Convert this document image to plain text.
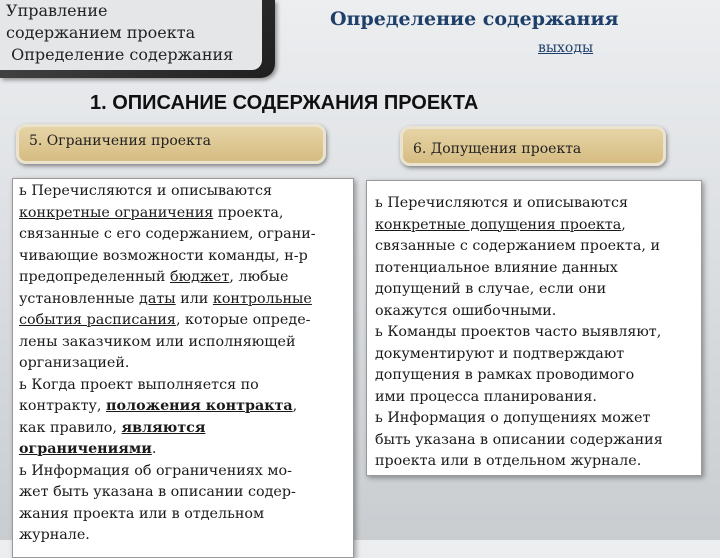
Управление
содержанием проекта
Определение содержания
Определение содержания
выходы
1. ОПИСАНИЕ СОДЕРЖАНИЯ ПРОЕКТА
5. Ограничения проекта	6. Допущения проекта
ь Перечисляются и описываются
конкретные ограничения проекта,
связанные с его содержанием, ограни-
чивающие возможности команды, н-р
предопределенный бюджет, любые
установленные даты или контрольные
события расписания, которые опреде-
лены заказчиком или исполняющей
организацией.
ь Когда проект выполняется по
контракту, положения контракта,
как правило, являются
ограничениями.
ь Информация об ограничениях мо-
жет быть указана в описании содер-
жания проекта или в отдельном
журнале.
ь Перечисляются и описываются
конкретные допущения проекта,
связанные с содержанием проекта, и
потенциальное влияние данных
допущений в случае, если они
окажутся ошибочными.
ь Команды проектов часто выявляют,
документируют и подтверждают
допущения в рамках проводимого
ими процесса планирования.
ь Информация о допущениях может
быть указана в описании содержания
проекта или в отдельном журнале.
